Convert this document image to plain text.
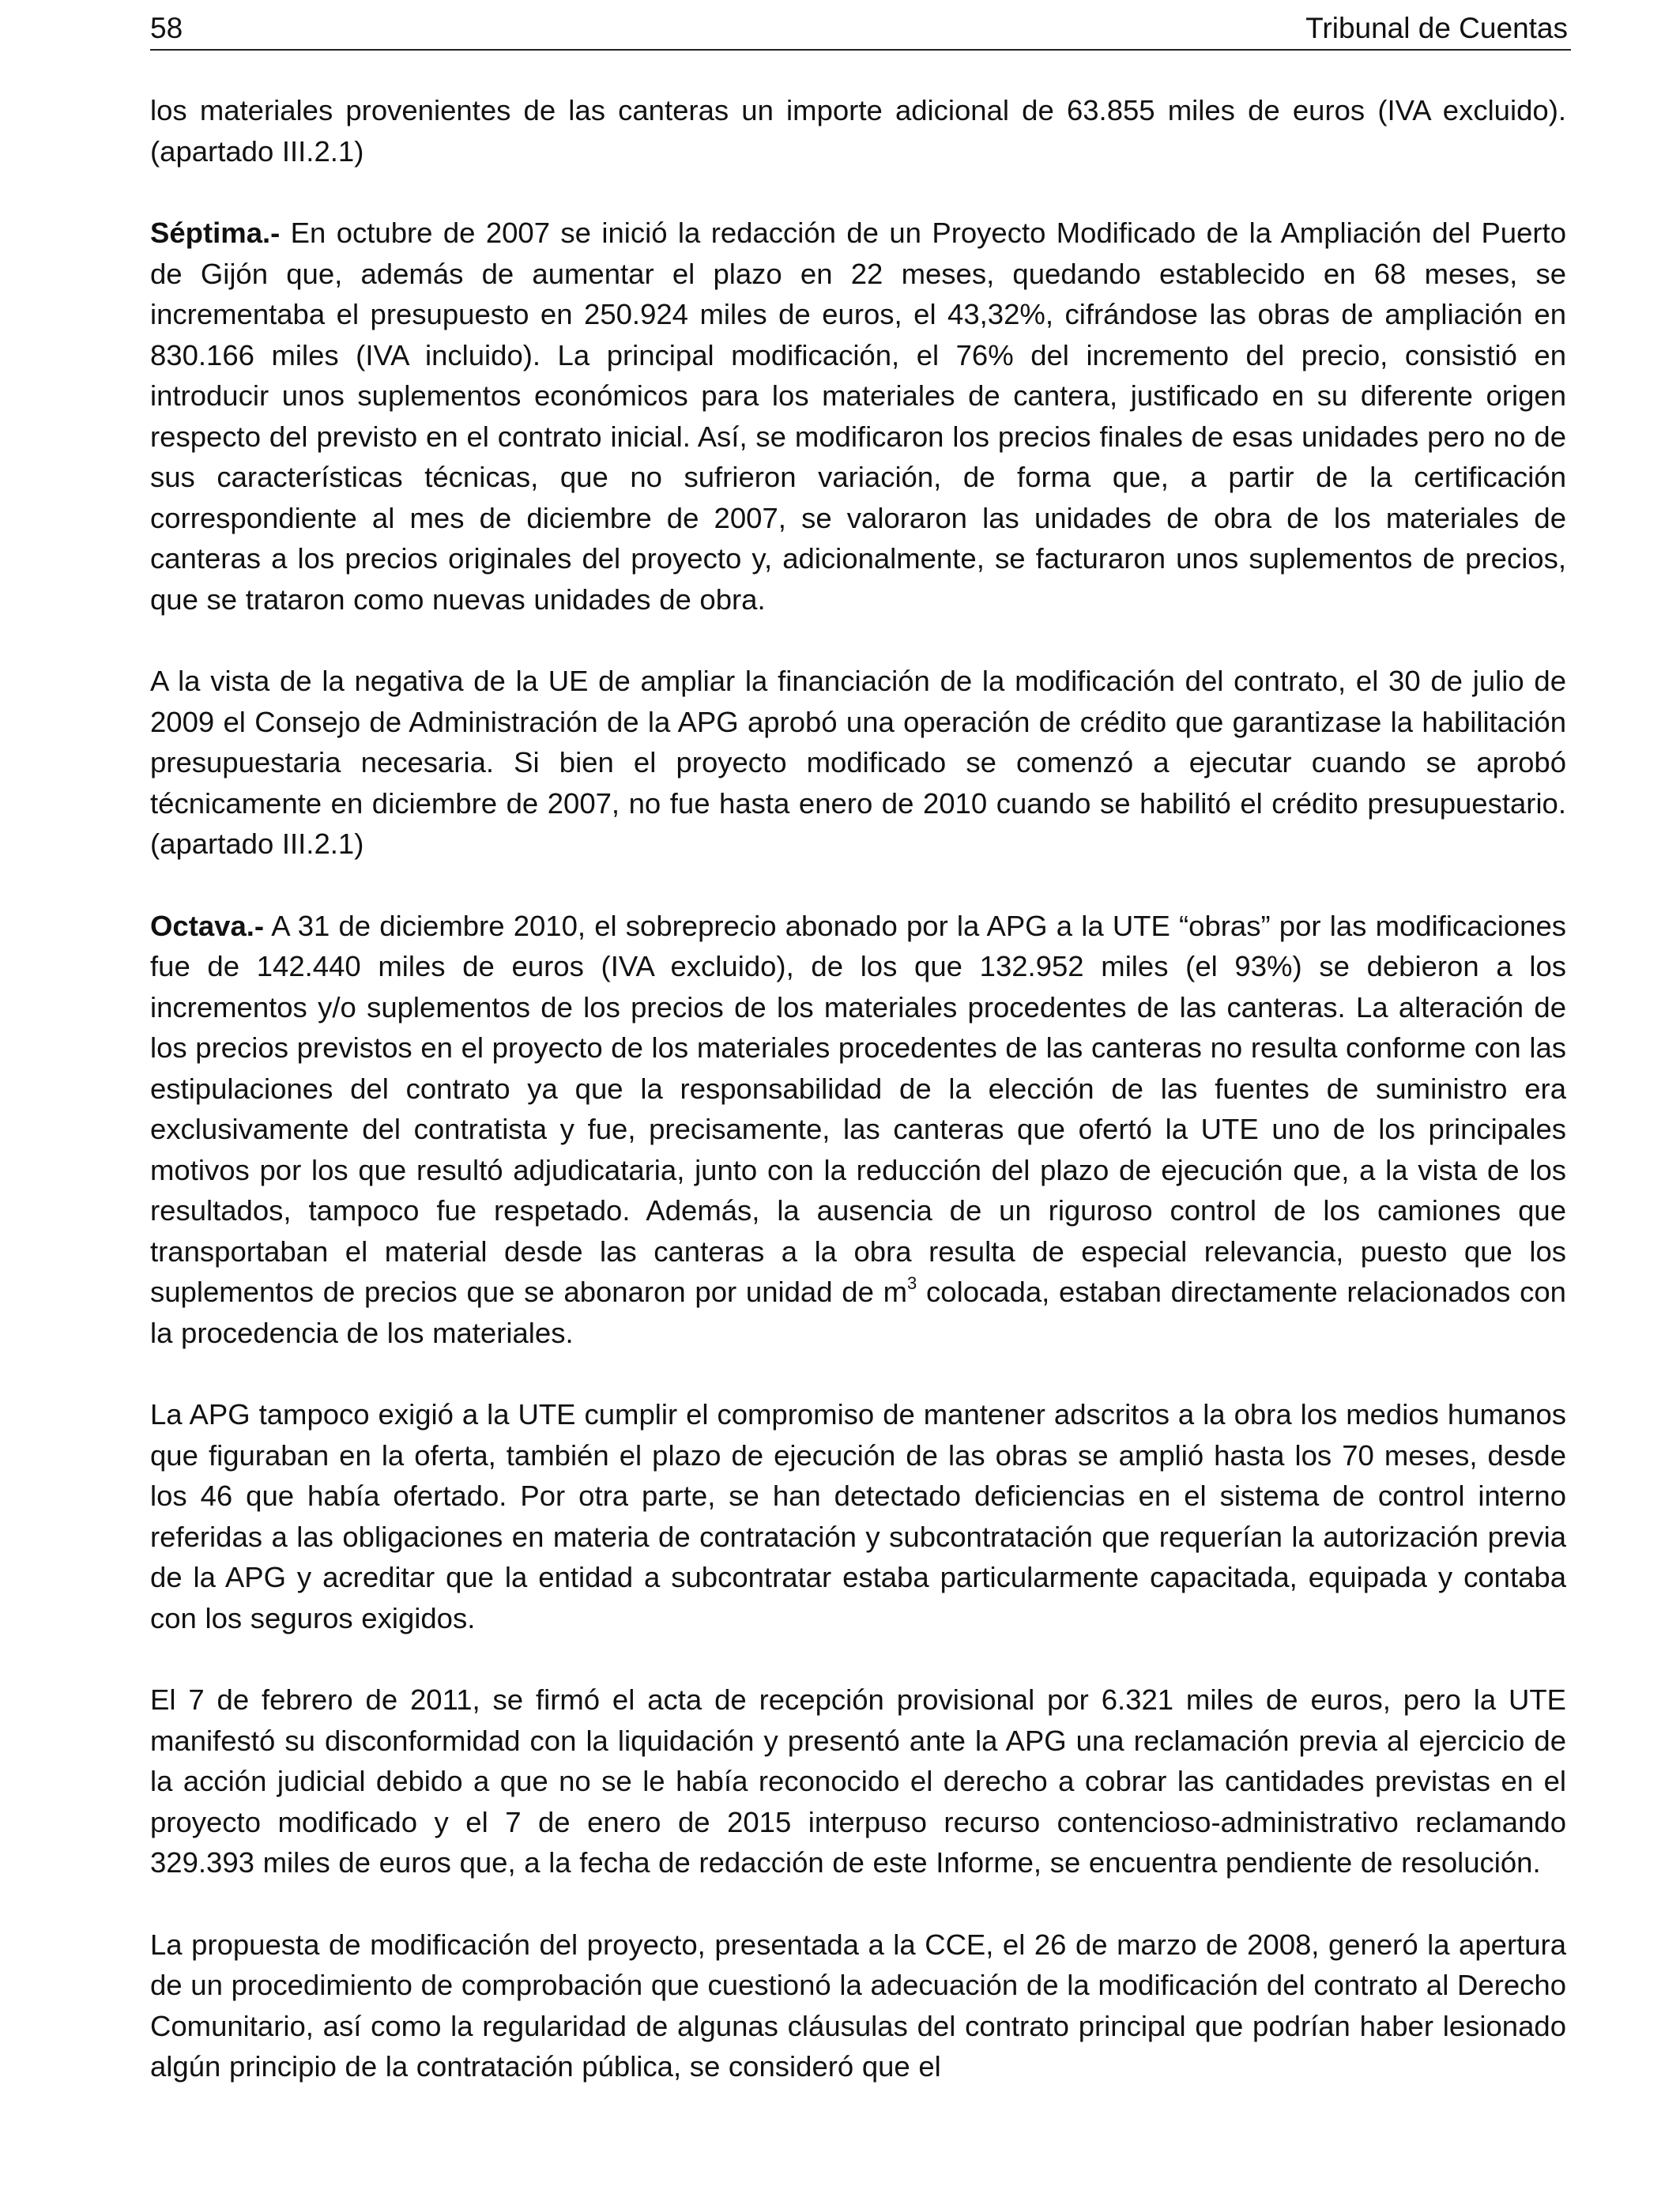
58	Tribunal de Cuentas

los materiales provenientes de las canteras un importe adicional de 63.855 miles de euros (IVA excluido). (apartado III.2.1)

Séptima.- En octubre de 2007 se inició la redacción de un Proyecto Modificado de la Ampliación del Puerto de Gijón que, además de aumentar el plazo en 22 meses, quedando establecido en 68 meses, se incrementaba el presupuesto en 250.924 miles de euros, el 43,32%, cifrándose las obras de ampliación en 830.166 miles (IVA incluido). La principal modificación, el 76% del incremento del precio, consistió en introducir unos suplementos económicos para los materiales de cantera, justificado en su diferente origen respecto del previsto en el contrato inicial. Así, se modificaron los precios finales de esas unidades pero no de sus características técnicas, que no sufrieron variación, de forma que, a partir de la certificación correspondiente al mes de diciembre de 2007, se valoraron las unidades de obra de los materiales de canteras a los precios originales del proyecto y, adicionalmente, se facturaron unos suplementos de precios, que se trataron como nuevas unidades de obra.

A la vista de la negativa de la UE de ampliar la financiación de la modificación del contrato, el 30 de julio de 2009 el Consejo de Administración de la APG aprobó una operación de crédito que garantizase la habilitación presupuestaria necesaria. Si bien el proyecto modificado se comenzó a ejecutar cuando se aprobó técnicamente en diciembre de 2007, no fue hasta enero de 2010 cuando se habilitó el crédito presupuestario. (apartado III.2.1)

Octava.- A 31 de diciembre 2010, el sobreprecio abonado por la APG a la UTE “obras” por las modificaciones fue de 142.440 miles de euros (IVA excluido), de los que 132.952 miles (el 93%) se debieron a los incrementos y/o suplementos de los precios de los materiales procedentes de las canteras. La alteración de los precios previstos en el proyecto de los materiales procedentes de las canteras no resulta conforme con las estipulaciones del contrato ya que la responsabilidad de la elección de las fuentes de suministro era exclusivamente del contratista y fue, precisamente, las canteras que ofertó la UTE uno de los principales motivos por los que resultó adjudicataria, junto con la reducción del plazo de ejecución que, a la vista de los resultados, tampoco fue respetado. Además, la ausencia de un riguroso control de los camiones que transportaban el material desde las canteras a la obra resulta de especial relevancia, puesto que los suplementos de precios que se abonaron por unidad de $m^3$ colocada, estaban directamente relacionados con la procedencia de los materiales.

La APG tampoco exigió a la UTE cumplir el compromiso de mantener adscritos a la obra los medios humanos que figuraban en la oferta, también el plazo de ejecución de las obras se amplió hasta los 70 meses, desde los 46 que había ofertado. Por otra parte, se han detectado deficiencias en el sistema de control interno referidas a las obligaciones en materia de contratación y subcontratación que requerían la autorización previa de la APG y acreditar que la entidad a subcontratar estaba particularmente capacitada, equipada y contaba con los seguros exigidos.

El 7 de febrero de 2011, se firmó el acta de recepción provisional por 6.321 miles de euros, pero la UTE manifestó su disconformidad con la liquidación y presentó ante la APG una reclamación previa al ejercicio de la acción judicial debido a que no se le había reconocido el derecho a cobrar las cantidades previstas en el proyecto modificado y el 7 de enero de 2015 interpuso recurso contencioso-administrativo reclamando 329.393 miles de euros que, a la fecha de redacción de este Informe, se encuentra pendiente de resolución.

La propuesta de modificación del proyecto, presentada a la CCE, el 26 de marzo de 2008, generó la apertura de un procedimiento de comprobación que cuestionó la adecuación de la modificación del contrato al Derecho Comunitario, así como la regularidad de algunas cláusulas del contrato principal que podrían haber lesionado algún principio de la contratación pública, se consideró que el
